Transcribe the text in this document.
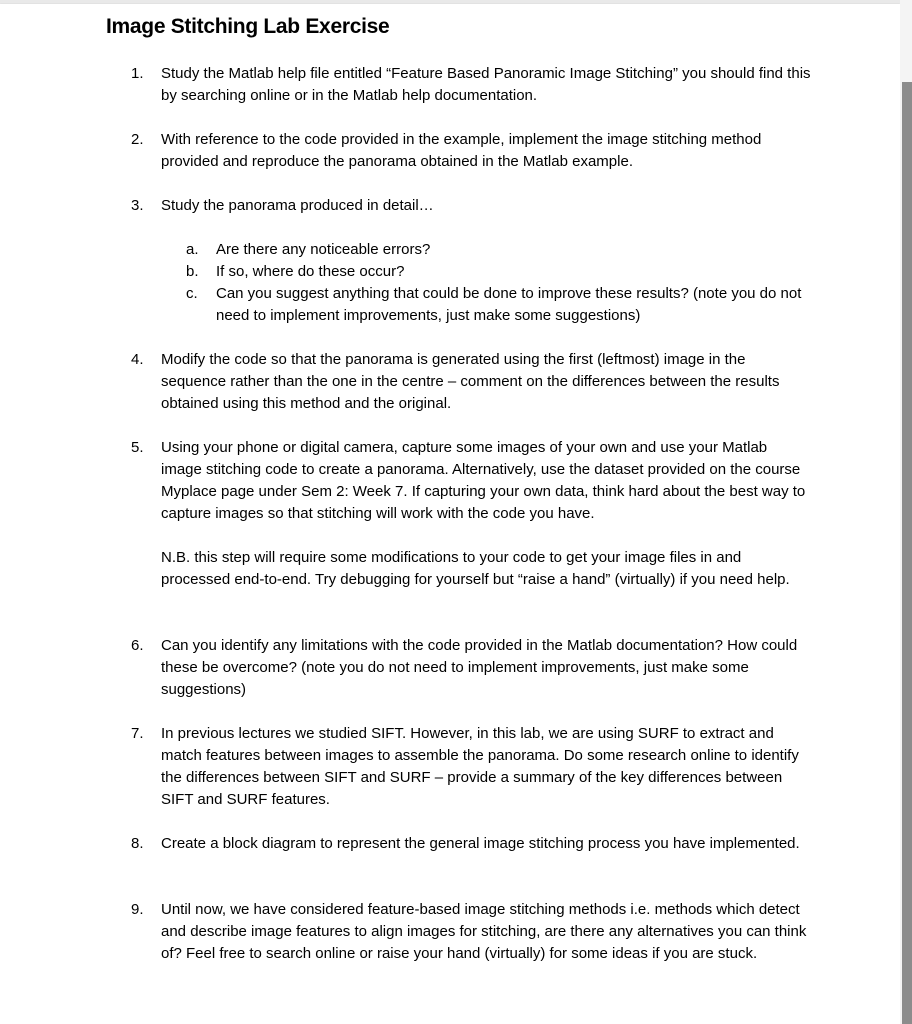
Image Stitching Lab Exercise
1.	Study the Matlab help file entitled “Feature Based Panoramic Image Stitching” you should find this by searching online or in the Matlab help documentation.
2.	With reference to the code provided in the example, implement the image stitching method provided and reproduce the panorama obtained in the Matlab example.
3.	Study the panorama produced in detail…
a.	Are there any noticeable errors?
b.	If so, where do these occur?
c.	Can you suggest anything that could be done to improve these results? (note you do not need to implement improvements, just make some suggestions)
4.	Modify the code so that the panorama is generated using the first (leftmost) image in the sequence rather than the one in the centre – comment on the differences between the results obtained using this method and the original.
5.	Using your phone or digital camera, capture some images of your own and use your Matlab image stitching code to create a panorama. Alternatively, use the dataset provided on the course Myplace page under Sem 2: Week 7. If capturing your own data, think hard about the best way to capture images so that stitching will work with the code you have.
N.B. this step will require some modifications to your code to get your image files in and processed end-to-end. Try debugging for yourself but “raise a hand” (virtually) if you need help.
6.	Can you identify any limitations with the code provided in the Matlab documentation? How could these be overcome? (note you do not need to implement improvements, just make some suggestions)
7.	In previous lectures we studied SIFT. However, in this lab, we are using SURF to extract and match features between images to assemble the panorama. Do some research online to identify the differences between SIFT and SURF – provide a summary of the key differences between SIFT and SURF features.
8.	Create a block diagram to represent the general image stitching process you have implemented.
9.	Until now, we have considered feature-based image stitching methods i.e. methods which detect and describe image features to align images for stitching, are there any alternatives you can think of? Feel free to search online or raise your hand (virtually) for some ideas if you are stuck.
